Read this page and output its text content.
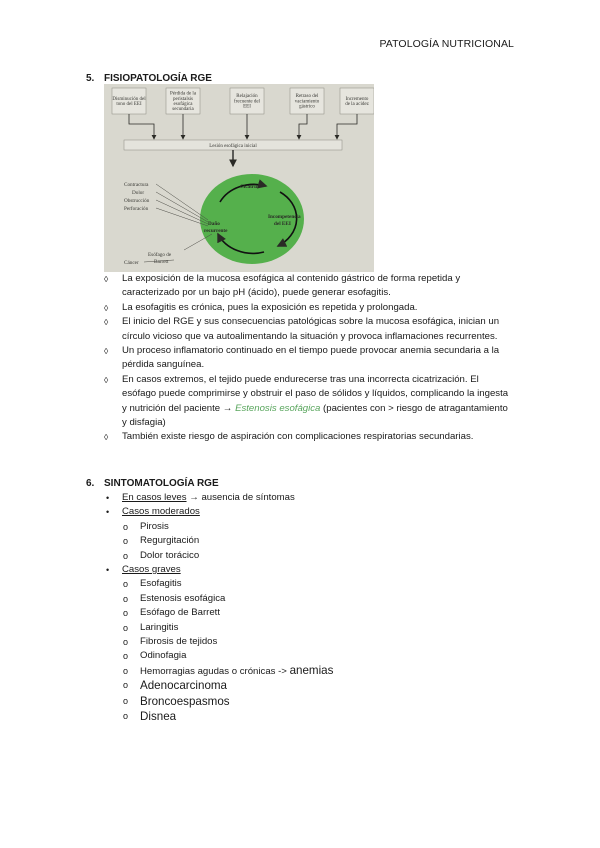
PATOLOGÍA NUTRICIONAL
5. FISIOPATOLOGÍA RGE
Disminución del
tono del EEI
Pérdida de la
peristalsis
esofágica
secundaria
Relajación
frecuente del
EEI
Retraso del
vaciamiento
gástrico
Incremento
de la acidez
Lesión esofágica inicial
Cicatriz
Incompetencia
del EEI
Daño
recurrente
Contractura
Dolor
Obstrucción
Perforación
Esófago de
Barrett
Cáncer
◊ La exposición de la mucosa esofágica al contenido gástrico de forma repetida y caracterizado por un bajo pH (ácido), puede generar esofagitis.
◊ La esofagitis es crónica, pues la exposición es repetida y prolongada.
◊ El inicio del RGE y sus consecuencias patológicas sobre la mucosa esofágica, inician un círculo vicioso que va autoalimentando la situación y provoca inflamaciones recurrentes.
◊ Un proceso inflamatorio continuado en el tiempo puede provocar anemia secundaria a la pérdida sanguínea.
◊ En casos extremos, el tejido puede endurecerse tras una incorrecta cicatrización. El esófago puede comprimirse y obstruir el paso de sólidos y líquidos, complicando la ingesta y nutrición del paciente → Estenosis esofágica (pacientes con > riesgo de atragantamiento y disfagia)
◊ También existe riesgo de aspiración con complicaciones respiratorias secundarias.
6. SINTOMATOLOGÍA RGE
• En casos leves → ausencia de síntomas
• Casos moderados
o Pirosis
o Regurgitación
o Dolor torácico
• Casos graves
o Esofagitis
o Estenosis esofágica
o Esófago de Barrett
o Laringitis
o Fibrosis de tejidos
o Odinofagia
o Hemorragias agudas o crónicas -> anemias
o Adenocarcinoma
o Broncoespasmos
o Disnea
